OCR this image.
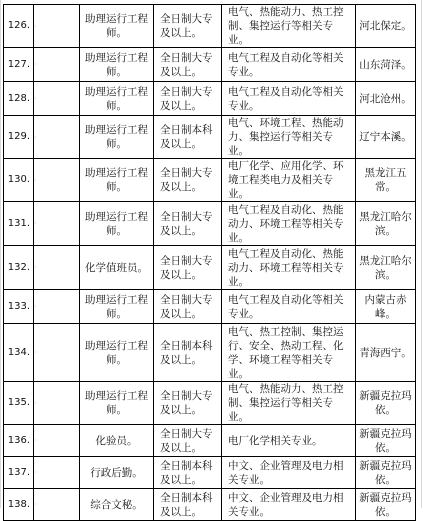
126.	·	助理运行工程师。	全日制大专及以上。	电气、热能动力、热工控制、集控运行等相关专业。	河北保定。
127.	·	助理运行工程师。	全日制大专及以上。	电气工程及自动化等相关专业。	山东菏泽。
128.	·	助理运行工程师。	全日制大专及以上。	电气工程及自动化等相关专业。	河北沧州。
129.	·	助理运行工程师。	全日制本科及以上。	电气、环境工程、热能动力、集控运行等相关专业。	辽宁本溪。
130.	·	助理运行工程师。	全日制大专及以上。	电厂化学、应用化学、环境工程类电力及相关专业。	黑龙江五常。
131.	·	助理运行工程师。	全日制大专及以上。	电气工程及自动化、热能动力、环境工程等相关专业。	黑龙江哈尔滨。
132.	·	化学值班员。	全日制大专及以上。	电气工程及自动化、热能动力、环境工程等相关专业。	黑龙江哈尔滨。
133.	·	助理运行工程师。	全日制大专及以上。	电气工程及自动化等相关专业。	内蒙古赤峰。
134.	·	助理运行工程师。	全日制本科及以上。	电气、热工控制、集控运行、安全、热动工程、化学、环境工程等相关专业。	青海西宁。
135.	·	助理运行工程师。	全日制大专及以上。	电气、热能动力、热工控制、集控运行等相关专业。	新疆克拉玛依。
136.	·	化验员。	全日制大专及以上。	电厂化学相关专业。	新疆克拉玛依。
137.	·	行政后勤。	全日制本科及以上。	中文、企业管理及电力相关专业。	新疆克拉玛依。
138.	·	综合文秘。	全日制本科及以上。	中文、企业管理及电力相关专业。	新疆克拉玛依。
